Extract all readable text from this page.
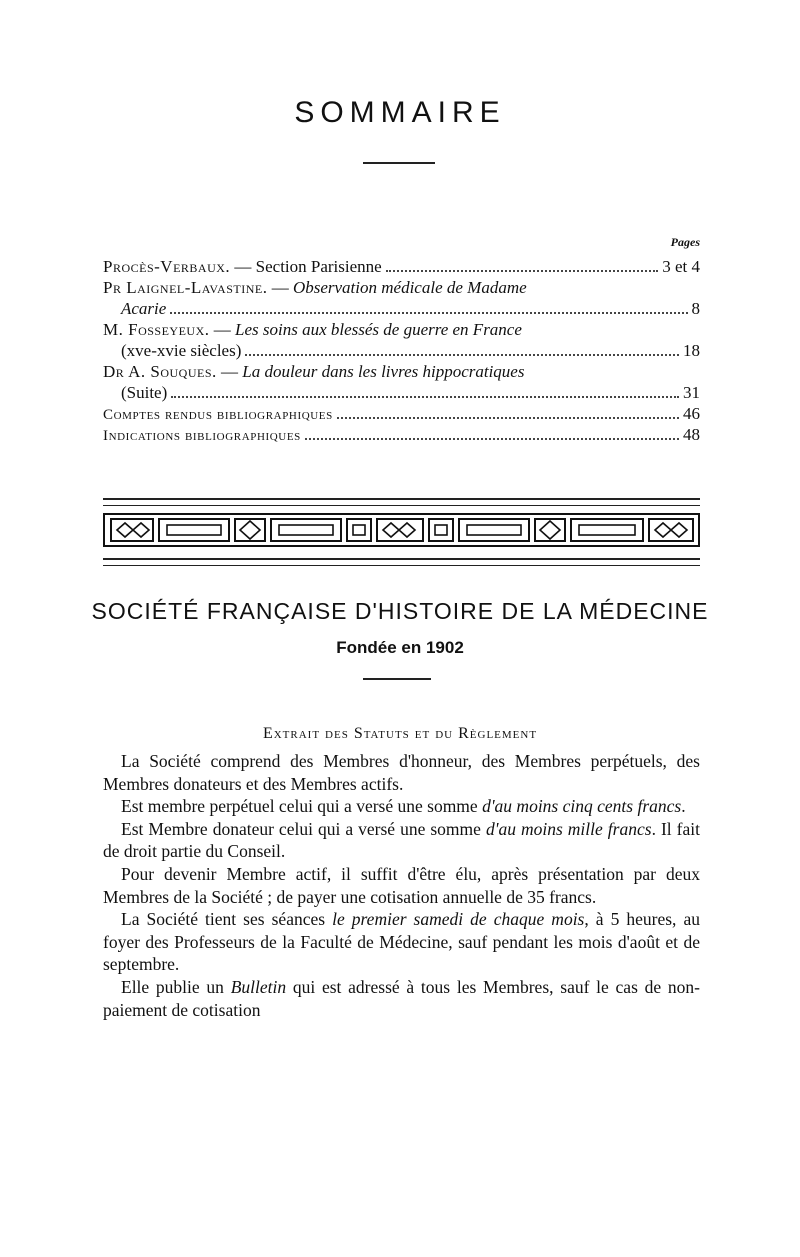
SOMMAIRE
Pages
Procès-Verbaux. — Section Parisienne	3 et 4
Pr Laignel-Lavastine. — Observation médicale de Madame
Acarie	8
M. Fosseyeux. — Les soins aux blessés de guerre en France
(xve-xvie siècles)	18
Dr A. Souques. — La douleur dans les livres hippocratiques
(Suite)	31
Comptes rendus bibliographiques	46
Indications bibliographiques	48
SOCIÉTÉ FRANÇAISE D'HISTOIRE DE LA MÉDECINE
Fondée en 1902
Extrait des Statuts et du Règlement

La Société comprend des Membres d'honneur, des Membres perpétuels, des Membres donateurs et des Membres actifs.

Est membre perpétuel celui qui a versé une somme d'au moins cinq cents francs.

Est Membre donateur celui qui a versé une somme d'au moins mille francs. Il fait de droit partie du Conseil.

Pour devenir Membre actif, il suffit d'être élu, après présentation par deux Membres de la Société ; de payer une cotisation annuelle de 35 francs.

La Société tient ses séances le premier samedi de chaque mois, à 5 heures, au foyer des Professeurs de la Faculté de Médecine, sauf pendant les mois d'août et de septembre.

Elle publie un Bulletin qui est adressé à tous les Membres, sauf le cas de non-paiement de cotisation
